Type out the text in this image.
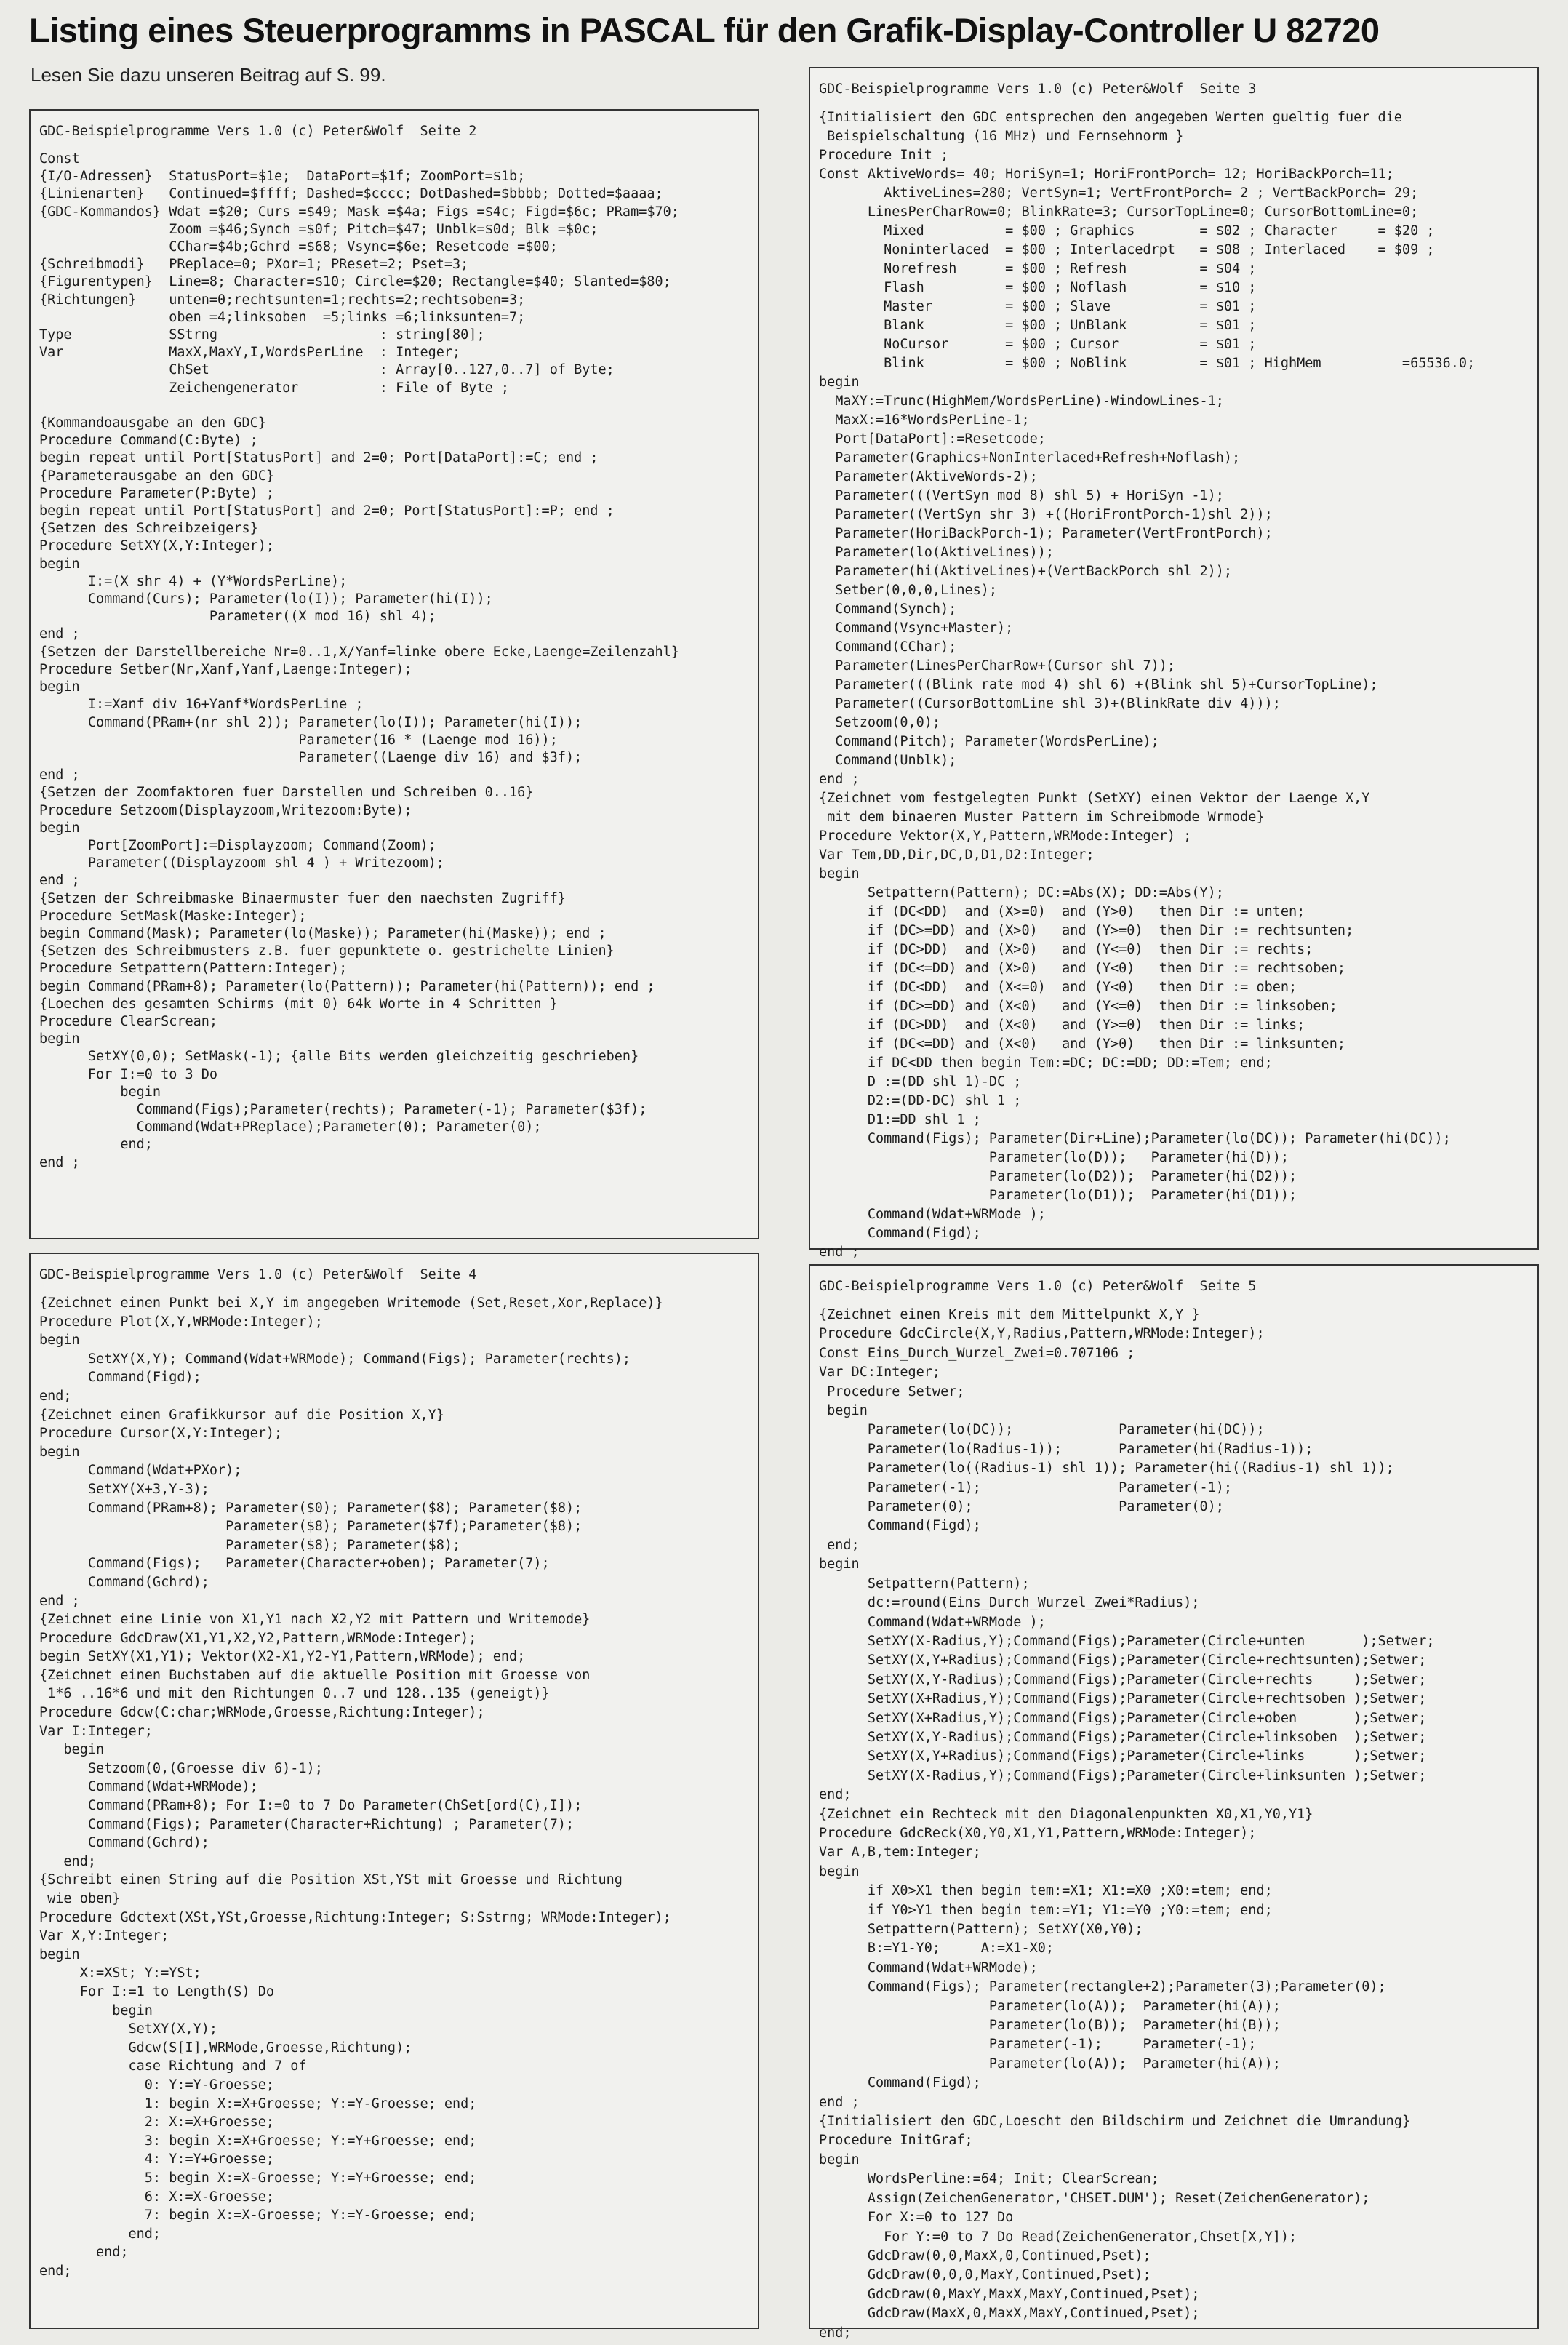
Listing eines Steuerprogramms in PASCAL für den Grafik-Display-Controller U 82720
Lesen Sie dazu unseren Beitrag auf S. 99.
GDC-Beispielprogramme Vers 1.0 (c) Peter&Wolf  Seite 2
Const
{I/O-Adressen}  StatusPort=$1e;  DataPort=$1f; ZoomPort=$1b;
{Linienarten}   Continued=$ffff; Dashed=$cccc; DotDashed=$bbbb; Dotted=$aaaa;
{GDC-Kommandos} Wdat =$20; Curs =$49; Mask =$4a; Figs =$4c; Figd=$6c; PRam=$70;
Zoom =$46;Synch =$0f; Pitch=$47; Unblk=$0d; Blk =$0c;
CChar=$4b;Gchrd =$68; Vsync=$6e; Resetcode =$00;
{Schreibmodi}   PReplace=0; PXor=1; PReset=2; Pset=3;
{Figurentypen}  Line=8; Character=$10; Circle=$20; Rectangle=$40; Slanted=$80;
{Richtungen}    unten=0;rechtsunten=1;rechts=2;rechtsoben=3;
oben =4;linksoben  =5;links =6;linksunten=7;
Type            SStrng                    : string[80];
Var             MaxX,MaxY,I,WordsPerLine  : Integer;
ChSet                     : Array[0..127,0..7] of Byte;
Zeichengenerator          : File of Byte ;

{Kommandoausgabe an den GDC}
Procedure Command(C:Byte) ;
begin repeat until Port[StatusPort] and 2=0; Port[DataPort]:=C; end ;
{Parameterausgabe an den GDC}
Procedure Parameter(P:Byte) ;
begin repeat until Port[StatusPort] and 2=0; Port[StatusPort]:=P; end ;
{Setzen des Schreibzeigers}
Procedure SetXY(X,Y:Integer);
begin
I:=(X shr 4) + (Y*WordsPerLine);
Command(Curs); Parameter(lo(I)); Parameter(hi(I));
Parameter((X mod 16) shl 4);
end ;
{Setzen der Darstellbereiche Nr=0..1,X/Yanf=linke obere Ecke,Laenge=Zeilenzahl}
Procedure Setber(Nr,Xanf,Yanf,Laenge:Integer);
begin
I:=Xanf div 16+Yanf*WordsPerLine ;
Command(PRam+(nr shl 2)); Parameter(lo(I)); Parameter(hi(I));
Parameter(16 * (Laenge mod 16));
Parameter((Laenge div 16) and $3f);
end ;
{Setzen der Zoomfaktoren fuer Darstellen und Schreiben 0..16}
Procedure Setzoom(Displayzoom,Writezoom:Byte);
begin
Port[ZoomPort]:=Displayzoom; Command(Zoom);
Parameter((Displayzoom shl 4 ) + Writezoom);
end ;
{Setzen der Schreibmaske Binaermuster fuer den naechsten Zugriff}
Procedure SetMask(Maske:Integer);
begin Command(Mask); Parameter(lo(Maske)); Parameter(hi(Maske)); end ;
{Setzen des Schreibmusters z.B. fuer gepunktete o. gestrichelte Linien}
Procedure Setpattern(Pattern:Integer);
begin Command(PRam+8); Parameter(lo(Pattern)); Parameter(hi(Pattern)); end ;
{Loechen des gesamten Schirms (mit 0) 64k Worte in 4 Schritten }
Procedure ClearScrean;
begin
SetXY(0,0); SetMask(-1); {alle Bits werden gleichzeitig geschrieben}
For I:=0 to 3 Do
begin
Command(Figs);Parameter(rechts); Parameter(-1); Parameter($3f);
Command(Wdat+PReplace);Parameter(0); Parameter(0);
end;
end ;
GDC-Beispielprogramme Vers 1.0 (c) Peter&Wolf  Seite 3
{Initialisiert den GDC entsprechen den angegeben Werten gueltig fuer die
Beispielschaltung (16 MHz) und Fernsehnorm }
Procedure Init ;
Const AktiveWords= 40; HoriSyn=1; HoriFrontPorch= 12; HoriBackPorch=11;
AktiveLines=280; VertSyn=1; VertFrontPorch= 2 ; VertBackPorch= 29;
LinesPerCharRow=0; BlinkRate=3; CursorTopLine=0; CursorBottomLine=0;
Mixed          = $00 ; Graphics        = $02 ; Character     = $20 ;
Noninterlaced  = $00 ; Interlacedrpt   = $08 ; Interlaced    = $09 ;
Norefresh      = $00 ; Refresh         = $04 ;
Flash          = $00 ; Noflash         = $10 ;
Master         = $00 ; Slave           = $01 ;
Blank          = $00 ; UnBlank         = $01 ;
NoCursor       = $00 ; Cursor          = $01 ;
Blink          = $00 ; NoBlink         = $01 ; HighMem          =65536.0;
begin
MaXY:=Trunc(HighMem/WordsPerLine)-WindowLines-1;
MaxX:=16*WordsPerLine-1;
Port[DataPort]:=Resetcode;
Parameter(Graphics+NonInterlaced+Refresh+Noflash);
Parameter(AktiveWords-2);
Parameter(((VertSyn mod 8) shl 5) + HoriSyn -1);
Parameter((VertSyn shr 3) +((HoriFrontPorch-1)shl 2));
Parameter(HoriBackPorch-1); Parameter(VertFrontPorch);
Parameter(lo(AktiveLines));
Parameter(hi(AktiveLines)+(VertBackPorch shl 2));
Setber(0,0,0,Lines);
Command(Synch);
Command(Vsync+Master);
Command(CChar);
Parameter(LinesPerCharRow+(Cursor shl 7));
Parameter(((Blink rate mod 4) shl 6) +(Blink shl 5)+CursorTopLine);
Parameter((CursorBottomLine shl 3)+(BlinkRate div 4)));
Setzoom(0,0);
Command(Pitch); Parameter(WordsPerLine);
Command(Unblk);
end ;
{Zeichnet vom festgelegten Punkt (SetXY) einen Vektor der Laenge X,Y
mit dem binaeren Muster Pattern im Schreibmode Wrmode}
Procedure Vektor(X,Y,Pattern,WRMode:Integer) ;
Var Tem,DD,Dir,DC,D,D1,D2:Integer;
begin
Setpattern(Pattern); DC:=Abs(X); DD:=Abs(Y);
if (DC<DD)  and (X>=0)  and (Y>0)   then Dir := unten;
if (DC>=DD) and (X>0)   and (Y>=0)  then Dir := rechtsunten;
if (DC>DD)  and (X>0)   and (Y<=0)  then Dir := rechts;
if (DC<=DD) and (X>0)   and (Y<0)   then Dir := rechtsoben;
if (DC<DD)  and (X<=0)  and (Y<0)   then Dir := oben;
if (DC>=DD) and (X<0)   and (Y<=0)  then Dir := linksoben;
if (DC>DD)  and (X<0)   and (Y>=0)  then Dir := links;
if (DC<=DD) and (X<0)   and (Y>0)   then Dir := linksunten;
if DC<DD then begin Tem:=DC; DC:=DD; DD:=Tem; end;
D :=(DD shl 1)-DC ;
D2:=(DD-DC) shl 1 ;
D1:=DD shl 1 ;
Command(Figs); Parameter(Dir+Line);Parameter(lo(DC)); Parameter(hi(DC));
Parameter(lo(D));   Parameter(hi(D));
Parameter(lo(D2));  Parameter(hi(D2));
Parameter(lo(D1));  Parameter(hi(D1));
Command(Wdat+WRMode );
Command(Figd);
end ;
GDC-Beispielprogramme Vers 1.0 (c) Peter&Wolf  Seite 4
{Zeichnet einen Punkt bei X,Y im angegeben Writemode (Set,Reset,Xor,Replace)}
Procedure Plot(X,Y,WRMode:Integer);
begin
SetXY(X,Y); Command(Wdat+WRMode); Command(Figs); Parameter(rechts);
Command(Figd);
end;
{Zeichnet einen Grafikkursor auf die Position X,Y}
Procedure Cursor(X,Y:Integer);
begin
Command(Wdat+PXor);
SetXY(X+3,Y-3);
Command(PRam+8); Parameter($0); Parameter($8); Parameter($8);
Parameter($8); Parameter($7f);Parameter($8);
Parameter($8); Parameter($8);
Command(Figs);   Parameter(Character+oben); Parameter(7);
Command(Gchrd);
end ;
{Zeichnet eine Linie von X1,Y1 nach X2,Y2 mit Pattern und Writemode}
Procedure GdcDraw(X1,Y1,X2,Y2,Pattern,WRMode:Integer);
begin SetXY(X1,Y1); Vektor(X2-X1,Y2-Y1,Pattern,WRMode); end;
{Zeichnet einen Buchstaben auf die aktuelle Position mit Groesse von
1*6 ..16*6 und mit den Richtungen 0..7 und 128..135 (geneigt)}
Procedure Gdcw(C:char;WRMode,Groesse,Richtung:Integer);
Var I:Integer;
begin
Setzoom(0,(Groesse div 6)-1);
Command(Wdat+WRMode);
Command(PRam+8); For I:=0 to 7 Do Parameter(ChSet[ord(C),I]);
Command(Figs); Parameter(Character+Richtung) ; Parameter(7);
Command(Gchrd);
end;
{Schreibt einen String auf die Position XSt,YSt mit Groesse und Richtung
wie oben}
Procedure Gdctext(XSt,YSt,Groesse,Richtung:Integer; S:Sstrng; WRMode:Integer);
Var X,Y:Integer;
begin
X:=XSt; Y:=YSt;
For I:=1 to Length(S) Do
begin
SetXY(X,Y);
Gdcw(S[I],WRMode,Groesse,Richtung);
case Richtung and 7 of
0: Y:=Y-Groesse;
1: begin X:=X+Groesse; Y:=Y-Groesse; end;
2: X:=X+Groesse;
3: begin X:=X+Groesse; Y:=Y+Groesse; end;
4: Y:=Y+Groesse;
5: begin X:=X-Groesse; Y:=Y+Groesse; end;
6: X:=X-Groesse;
7: begin X:=X-Groesse; Y:=Y-Groesse; end;
end;
end;
end;
GDC-Beispielprogramme Vers 1.0 (c) Peter&Wolf  Seite 5
{Zeichnet einen Kreis mit dem Mittelpunkt X,Y }
Procedure GdcCircle(X,Y,Radius,Pattern,WRMode:Integer);
Const Eins_Durch_Wurzel_Zwei=0.707106 ;
Var DC:Integer;
Procedure Setwer;
begin
Parameter(lo(DC));             Parameter(hi(DC));
Parameter(lo(Radius-1));       Parameter(hi(Radius-1));
Parameter(lo((Radius-1) shl 1)); Parameter(hi((Radius-1) shl 1));
Parameter(-1);                 Parameter(-1);
Parameter(0);                  Parameter(0);
Command(Figd);
end;
begin
Setpattern(Pattern);
dc:=round(Eins_Durch_Wurzel_Zwei*Radius);
Command(Wdat+WRMode );
SetXY(X-Radius,Y);Command(Figs);Parameter(Circle+unten       );Setwer;
SetXY(X,Y+Radius);Command(Figs);Parameter(Circle+rechtsunten);Setwer;
SetXY(X,Y-Radius);Command(Figs);Parameter(Circle+rechts     );Setwer;
SetXY(X+Radius,Y);Command(Figs);Parameter(Circle+rechtsoben );Setwer;
SetXY(X+Radius,Y);Command(Figs);Parameter(Circle+oben       );Setwer;
SetXY(X,Y-Radius);Command(Figs);Parameter(Circle+linksoben  );Setwer;
SetXY(X,Y+Radius);Command(Figs);Parameter(Circle+links      );Setwer;
SetXY(X-Radius,Y);Command(Figs);Parameter(Circle+linksunten );Setwer;
end;
{Zeichnet ein Rechteck mit den Diagonalenpunkten X0,X1,Y0,Y1}
Procedure GdcReck(X0,Y0,X1,Y1,Pattern,WRMode:Integer);
Var A,B,tem:Integer;
begin
if X0>X1 then begin tem:=X1; X1:=X0 ;X0:=tem; end;
if Y0>Y1 then begin tem:=Y1; Y1:=Y0 ;Y0:=tem; end;
Setpattern(Pattern); SetXY(X0,Y0);
B:=Y1-Y0;     A:=X1-X0;
Command(Wdat+WRMode);
Command(Figs); Parameter(rectangle+2);Parameter(3);Parameter(0);
Parameter(lo(A));  Parameter(hi(A));
Parameter(lo(B));  Parameter(hi(B));
Parameter(-1);     Parameter(-1);
Parameter(lo(A));  Parameter(hi(A));
Command(Figd);
end ;
{Initialisiert den GDC,Loescht den Bildschirm und Zeichnet die Umrandung}
Procedure InitGraf;
begin
WordsPerline:=64; Init; ClearScrean;
Assign(ZeichenGenerator,'CHSET.DUM'); Reset(ZeichenGenerator);
For X:=0 to 127 Do
For Y:=0 to 7 Do Read(ZeichenGenerator,Chset[X,Y]);
GdcDraw(0,0,MaxX,0,Continued,Pset);
GdcDraw(0,0,0,MaxY,Continued,Pset);
GdcDraw(0,MaxY,MaxX,MaxY,Continued,Pset);
GdcDraw(MaxX,0,MaxX,MaxY,Continued,Pset);
end;
